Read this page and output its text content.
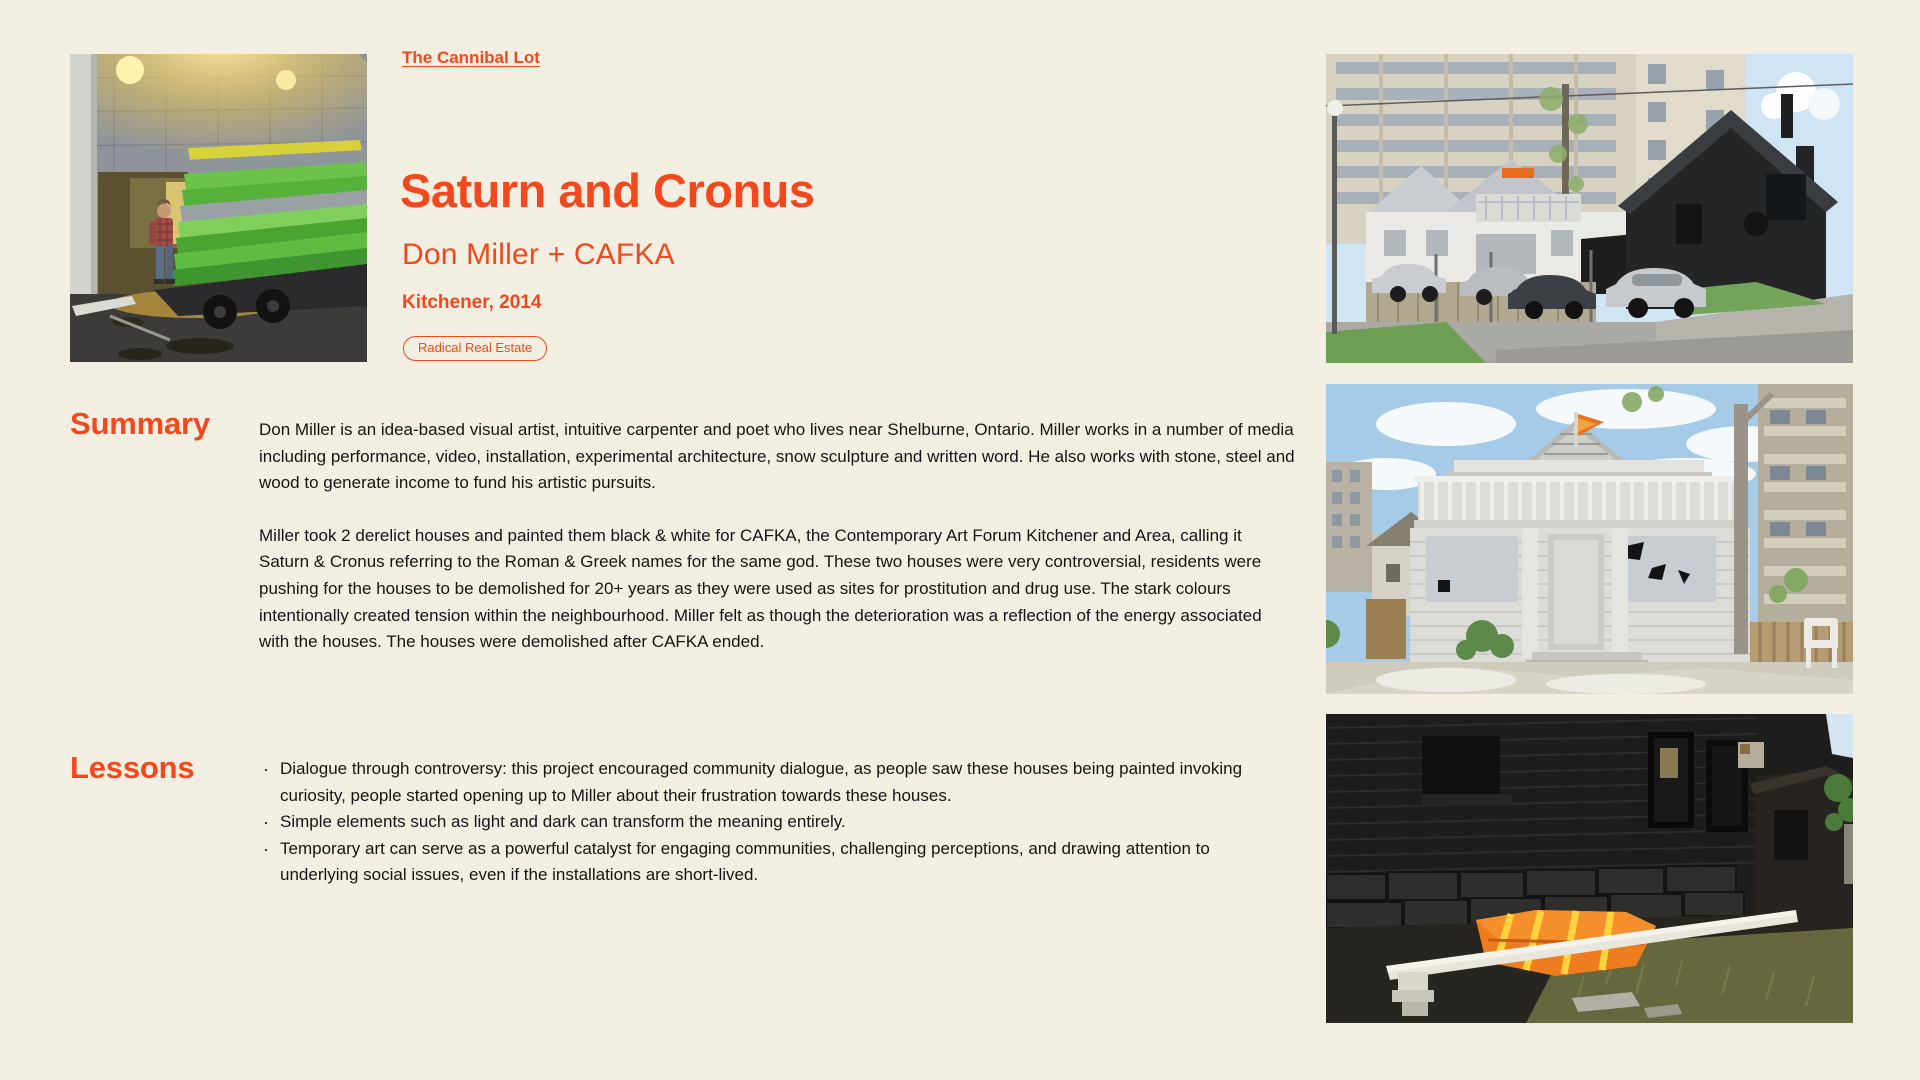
The Cannibal Lot
Saturn and Cronus
Don Miller + CAFKA
Kitchener, 2014
Radical Real Estate
Summary	Don Miller is an idea-based visual artist, intuitive carpenter and poet who lives near Shelburne, Ontario. Miller works in a number of media including performance, video, installation, experimental architecture, snow sculpture and written word. He also works with stone, steel and wood to generate income to fund his artistic pursuits.

Miller took 2 derelict houses and painted them black & white for CAFKA, the Contemporary Art Forum Kitchener and Area, calling it Saturn & Cronus referring to the Roman & Greek names for the same god. These two houses were very controversial, residents were pushing for the houses to be demolished for 20+ years as they were used as sites for prostitution and drug use. The stark colours intentionally created tension within the neighbourhood. Miller felt as though the deterioration was a reflection of the energy associated with the houses. The houses were demolished after CAFKA ended.

Lessons	· Dialogue through controversy: this project encouraged community dialogue, as people saw these houses being painted invoking curiosity, people started opening up to Miller about their frustration towards these houses.
· Simple elements such as light and dark can transform the meaning entirely.
· Temporary art can serve as a powerful catalyst for engaging communities, challenging perceptions, and drawing attention to underlying social issues, even if the installations are short-lived.
